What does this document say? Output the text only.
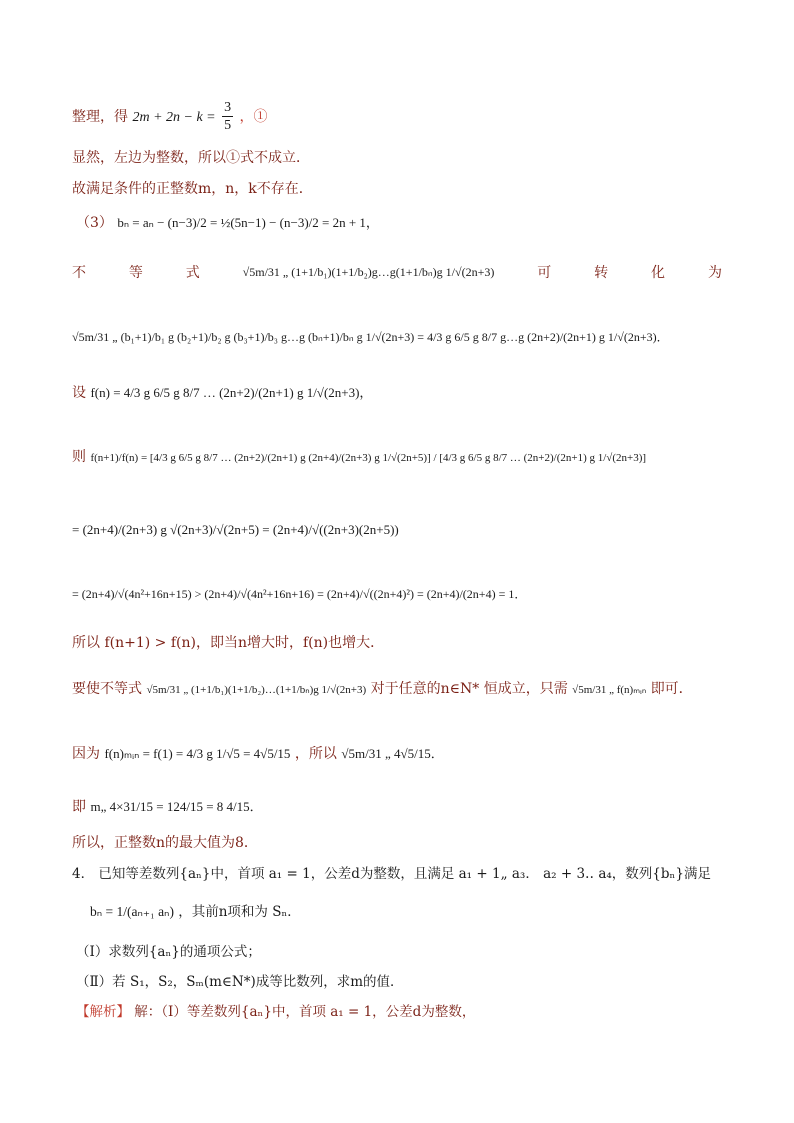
整理，得 $2m + 2n - k = \frac{3}{5}$ ，①
显然，左边为整数，所以①式不成立．
故满足条件的正整数m，n，k不存在．
（3） bₙ = aₙ − (n−3)/2 = ½(5n−1) − (n−3)/2 = 2n + 1，
不	等	式	√5m/31 „ (1+1/b₁)(1+1/b₂)g…g(1+1/bₙ)g 1/√(2n+3)	可	转	化	为
√5m/31 „ (b₁+1)/b₁ g (b₂+1)/b₂ g (b₃+1)/b₃ g…g (bₙ+1)/bₙ g 1/√(2n+3) = 4/3 g 6/5 g 8/7 g…g (2n+2)/(2n+1) g 1/√(2n+3)．
设 f(n) = 4/3 g 6/5 g 8/7 … (2n+2)/(2n+1) g 1/√(2n+3)，
则 f(n+1)/f(n) = [4/3 g 6/5 g 8/7 … (2n+2)/(2n+1) g (2n+4)/(2n+3) g 1/√(2n+5)] / [4/3 g 6/5 g 8/7 … (2n+2)/(2n+1) g 1/√(2n+3)]
= (2n+4)/(2n+3) g √(2n+3)/√(2n+5) = (2n+4)/√((2n+3)(2n+5))
= (2n+4)/√(4n²+16n+15) > (2n+4)/√(4n²+16n+16) = (2n+4)/√((2n+4)²) = (2n+4)/(2n+4) = 1．
所以 f(n+1) > f(n)，即当n增大时，f(n)也增大．
要使不等式 √5m/31 „ (1+1/b₁)(1+1/b₂)…(1+1/bₙ)g 1/√(2n+3) 对于任意的n∈N* 恒成立，只需 √5m/31 „ f(n)ₘᵢₙ 即可．
因为 f(n)ₘᵢₙ = f(1) = 4/3 g 1/√5 = 4√5/15 ，所以 √5m/31 „ 4√5/15．
即 m„ 4×31/15 = 124/15 = 8 4/15．
所以，正整数n的最大值为8．
4． 已知等差数列{aₙ}中，首项 a₁ = 1，公差d为整数，且满足 a₁ + 1„ a₃． a₂ + 3‥ a₄，数列{bₙ}满足
bₙ = 1/(aₙ₊₁ aₙ) ，其前n项和为 Sₙ．
（Ⅰ）求数列{aₙ}的通项公式；
（Ⅱ）若 S₁，S₂，Sₘ(m∈N*)成等比数列，求m的值．
【解析】 解：（Ⅰ）等差数列{aₙ}中，首项 a₁ = 1，公差d为整数，
